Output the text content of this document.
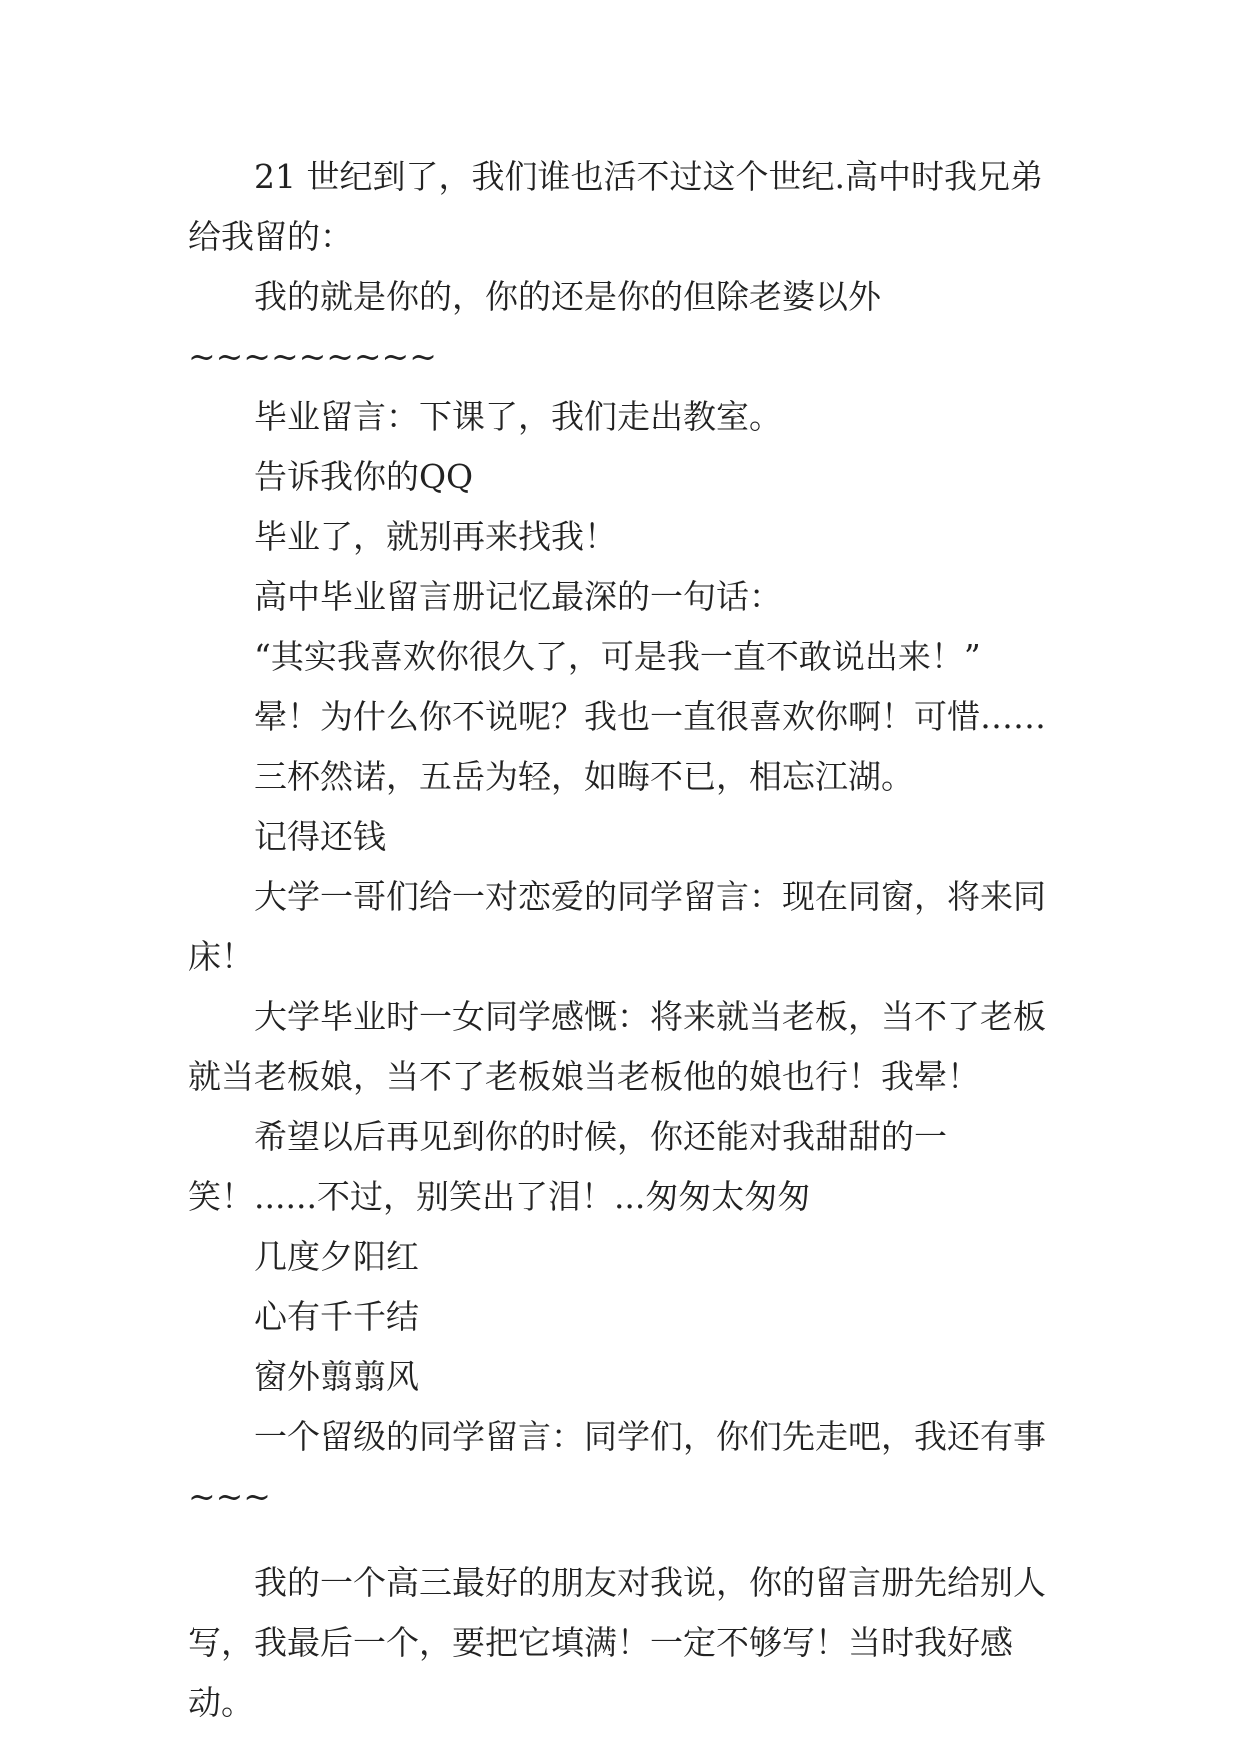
21 世纪到了，我们谁也活不过这个世纪.高中时我兄弟给我留的：

我的就是你的，你的还是你的但除老婆以外~~~~~~~~~

毕业留言：下课了，我们走出教室。

告诉我你的QQ

毕业了，就别再来找我！

高中毕业留言册记忆最深的一句话：

“其实我喜欢你很久了，可是我一直不敢说出来！”

晕！为什么你不说呢？我也一直很喜欢你啊！可惜……

三杯然诺，五岳为轻，如晦不已，相忘江湖。

记得还钱

大学一哥们给一对恋爱的同学留言：现在同窗，将来同床！

大学毕业时一女同学感慨：将来就当老板，当不了老板就当老板娘，当不了老板娘当老板他的娘也行！我晕！

希望以后再见到你的时候，你还能对我甜甜的一笑！......不过，别笑出了泪！...匆匆太匆匆

几度夕阳红

心有千千结

窗外翦翦风

一个留级的同学留言：同学们，你们先走吧，我还有事~~~

我的一个高三最好的朋友对我说，你的留言册先给别人写，我最后一个，要把它填满！一定不够写！当时我好感动。
